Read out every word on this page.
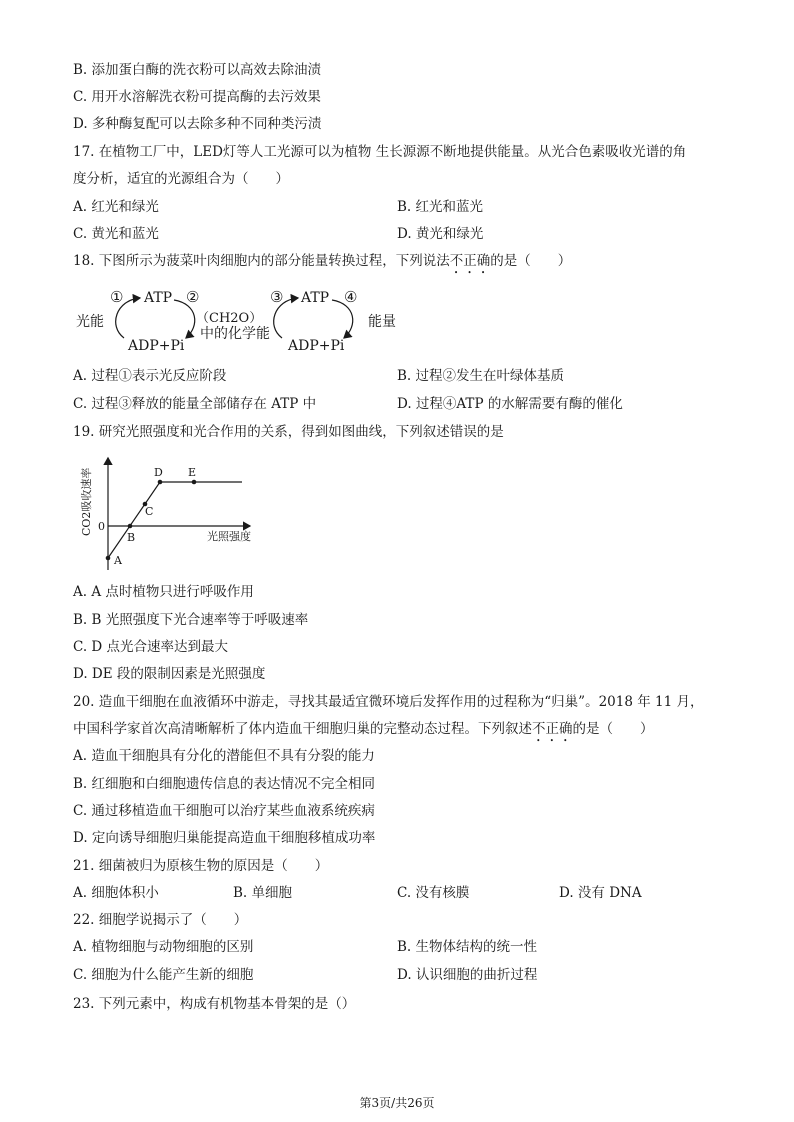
B. 添加蛋白酶的洗衣粉可以高效去除油渍
C. 用开水溶解洗衣粉可提高酶的去污效果
D. 多种酶复配可以去除多种不同种类污渍
17. 在植物工厂中，LED灯等人工光源可以为植物 生长源源不断地提供能量。从光合色素吸收光谱的角
度分析，适宜的光源组合为（　　）
A. 红光和绿光	B. 红光和蓝光
C. 黄光和蓝光	D. 黄光和绿光
18. 下图所示为菠菜叶肉细胞内的部分能量转换过程，下列说法不正确的是（　　）
光能
① ATP ②
ADP+Pi
（CH2O）
中的化学能
③ ATP ④
ADP+Pi
能量
A. 过程①表示光反应阶段	B. 过程②发生在叶绿体基质
C. 过程③释放的能量全部储存在 ATP 中	D. 过程④ATP 的水解需要有酶的催化
19. 研究光照强度和光合作用的关系，得到如图曲线，下列叙述错误的是
CO2吸收速率 0
A
B
C
D E
光照强度
A. A 点时植物只进行呼吸作用
B. B 光照强度下光合速率等于呼吸速率
C. D 点光合速率达到最大
D. DE 段的限制因素是光照强度
20. 造血干细胞在血液循环中游走，寻找其最适宜微环境后发挥作用的过程称为“归巢”。2018 年 11 月，
中国科学家首次高清晰解析了体内造血干细胞归巢的完整动态过程。下列叙述不正确的是（　　）
A. 造血干细胞具有分化的潜能但不具有分裂的能力
B. 红细胞和白细胞遗传信息的表达情况不完全相同
C. 通过移植造血干细胞可以治疗某些血液系统疾病
D. 定向诱导细胞归巢能提高造血干细胞移植成功率
21. 细菌被归为原核生物的原因是（　　）
A. 细胞体积小	B. 单细胞	C. 没有核膜	D. 没有 DNA
22. 细胞学说揭示了（　　）
A. 植物细胞与动物细胞的区别	B. 生物体结构的统一性
C. 细胞为什么能产生新的细胞	D. 认识细胞的曲折过程
23. 下列元素中，构成有机物基本骨架的是（）
第3页/共26页
